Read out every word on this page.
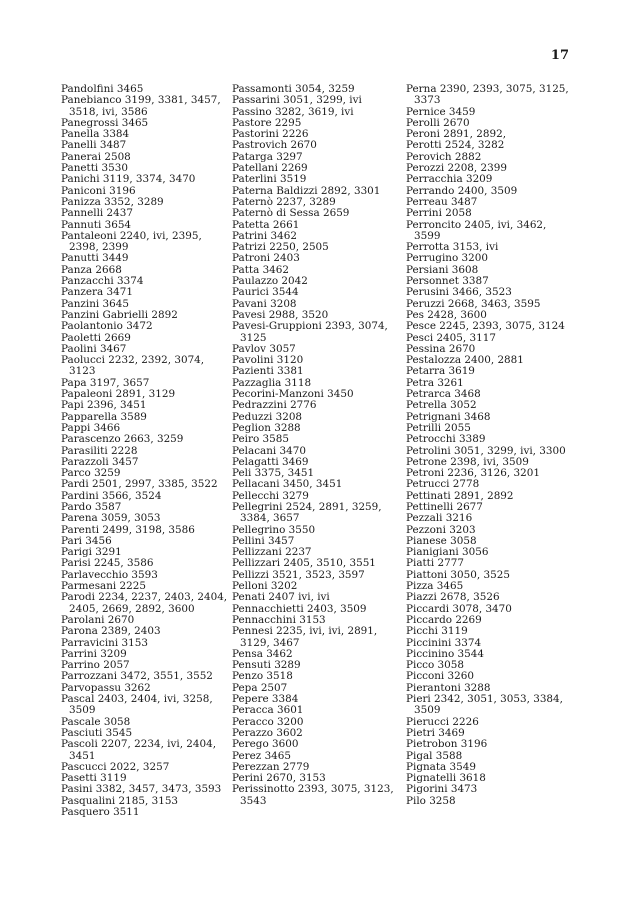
17
Pandolfini 3465
Panebianco 3199, 3381, 3457, 3518, ivi, 3586
Panegrossi 3465
Panella 3384
Panelli 3487
Panerai 2508
Panetti 3530
Panichi 3119, 3374, 3470
Paniconi 3196
Panizza 3352, 3289
Pannelli 2437
Pannuti 3654
Pantaleoni 2240, ivi, 2395, 2398, 2399
Panutti 3449
Panza 2668
Panzacchi 3374
Panzera 3471
Panzini 3645
Panzini Gabrielli 2892
Paolantonio 3472
Paoletti 2669
Paolini 3467
Paolucci 2232, 2392, 3074, 3123
Papa 3197, 3657
Papaleoni 2891, 3129
Papi 2396, 3451
Papparella 3589
Pappi 3466
Parascenzo 2663, 3259
Parasiliti 2228
Parazzoli 3457
Parco 3259
Pardi 2501, 2997, 3385, 3522
Pardini 3566, 3524
Pardo 3587
Parena 3059, 3053
Parenti 2499, 3198, 3586
Pari 3456
Parigi 3291
Parisi 2245, 3586
Parlavecchio 3593
Parmesani 2225
Parodi 2234, 2237, 2403, 2404, 2405, 2669, 2892, 3600
Parolani 2670
Parona 2389, 2403
Parravicini 3153
Parrini 3209
Parrino 2057
Parrozzani 3472, 3551, 3552
Parvopassu 3262
Pascal 2403, 2404, ivi, 3258, 3509
Pascale 3058
Pasciuti 3545
Pascoli 2207, 2234, ivi, 2404, 3451
Pascucci 2022, 3257
Pasetti 3119
Pasini 3382, 3457, 3473, 3593
Pasqualini 2185, 3153
Pasquero 3511
Passamonti 3054, 3259
Passarini 3051, 3299, ivi
Passino 3282, 3619, ivi
Pastore 2295
Pastorini 2226
Pastrovich 2670
Patarga 3297
Patellani 2269
Paterlini 3519
Paterna Baldizzi 2892, 3301
Paternò 2237, 3289
Paternò di Sessa 2659
Patetta 2661
Patrini 3462
Patrizi 2250, 2505
Patroni 2403
Patta 3462
Paulazzo 2042
Paurici 3544
Pavani 3208
Pavesi 2988, 3520
Pavesi-Gruppioni 2393, 3074, 3125
Pavlov 3057
Pavolini 3120
Pazienti 3381
Pazzaglia 3118
Pecorini-Manzoni 3450
Pedrazzini 2776
Peduzzi 3208
Peglion 3288
Peiro 3585
Pelacani 3470
Pelagatti 3469
Peli 3375, 3451
Pellacani 3450, 3451
Pellecchi 3279
Pellegrini 2524, 2891, 3259, 3384, 3657
Pellegrino 3550
Pellini 3457
Pellizzani 2237
Pellizzari 2405, 3510, 3551
Pellizzi 3521, 3523, 3597
Pelloni 3202
Penati 2407 ivi, ivi
Pennacchietti 2403, 3509
Pennacchini 3153
Pennesi 2235, ivi, ivi, 2891, 3129, 3467
Pensa 3462
Pensuti 3289
Penzo 3518
Pepa 2507
Pepere 3384
Peracca 3601
Peracco 3200
Perazzo 3602
Perego 3600
Perez 3465
Perezzan 2779
Perini 2670, 3153
Perissinotto 2393, 3075, 3123, 3543
Perna 2390, 2393, 3075, 3125, 3373
Pernice 3459
Perolli 2670
Peroni 2891, 2892,
Perotti 2524, 3282
Perovich 2882
Perozzi 2208, 2399
Perracchia 3209
Perrando 2400, 3509
Perreau 3487
Perrini 2058
Perroncito 2405, ivi, 3462, 3599
Perrotta 3153, ivi
Perrugino 3200
Persiani 3608
Personnet 3387
Perusini 3466, 3523
Peruzzi 2668, 3463, 3595
Pes 2428, 3600
Pesce 2245, 2393, 3075, 3124
Pesci 2405, 3117
Pessina 2670
Pestalozza 2400, 2881
Petarra 3619
Petra 3261
Petrarca 3468
Petrella 3052
Petrignani 3468
Petrilli 2055
Petrocchi 3389
Petrolini 3051, 3299, ivi, 3300
Petrone 2398, ivi, 3509
Petroni 2236, 3126, 3201
Petrucci 2778
Pettinati 2891, 2892
Pettinelli 2677
Pezzali 3216
Pezzoni 3203
Pianese 3058
Pianigiani 3056
Piatti 2777
Piattoni 3050, 3525
Pizza 3465
Piazzi 2678, 3526
Piccardi 3078, 3470
Piccardo 2269
Picchi 3119
Piccinini 3374
Piccinino 3544
Picco 3058
Picconi 3260
Pierantoni 3288
Pieri 2342, 3051, 3053, 3384, 3509
Pierucci 2226
Pietri 3469
Pietrobon 3196
Pigal 3588
Pignata 3549
Pignatelli 3618
Pigorini 3473
Pilo 3258
